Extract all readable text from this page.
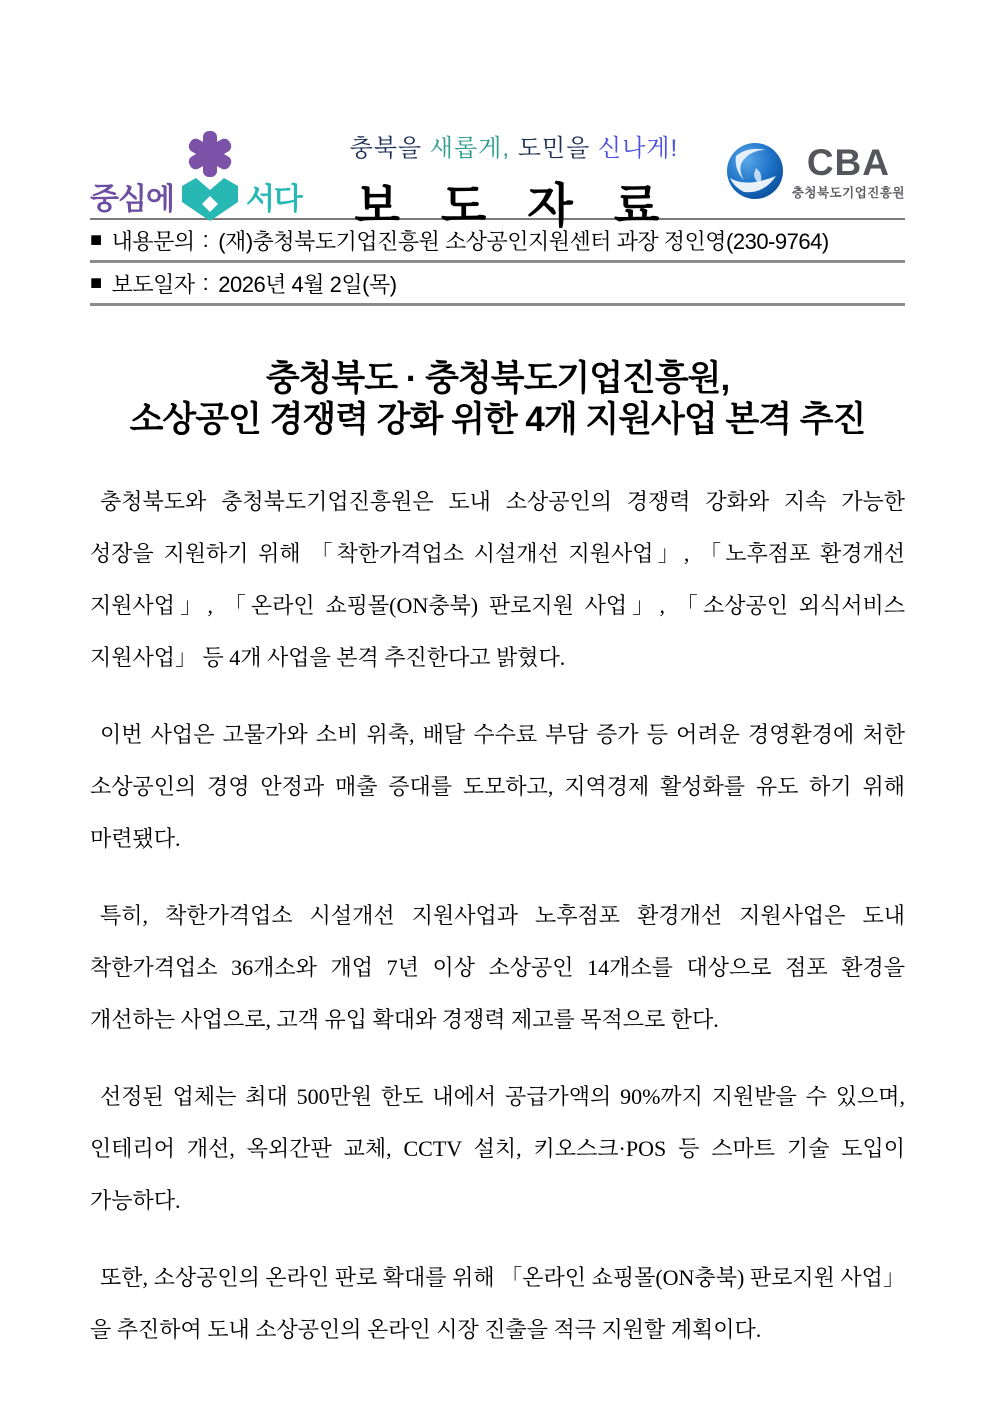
중심에 서다
충북을 새롭게, 도민을 신나게!
보 도 자 료
CBA
충청북도기업진흥원
■ 내용문의 : (재)충청북도기업진흥원 소상공인지원센터 과장 정인영(230-9764)
■ 보도일자 : 2026년 4월 2일(목)
충청북도 · 충청북도기업진흥원,
소상공인 경쟁력 강화 위한 4개 지원사업 본격 추진

충청북도와 충청북도기업진흥원은 도내 소상공인의 경쟁력 강화와 지속 가능한 성장을 지원하기 위해 「착한가격업소 시설개선 지원사업」, 「노후점포 환경개선 지원사업」, 「온라인 쇼핑몰(ON충북) 판로지원 사업」, 「소상공인 외식서비스 지원사업」 등 4개 사업을 본격 추진한다고 밝혔다.

이번 사업은 고물가와 소비 위축, 배달 수수료 부담 증가 등 어려운 경영환경에 처한 소상공인의 경영 안정과 매출 증대를 도모하고, 지역경제 활성화를 유도 하기 위해 마련됐다.

특히, 착한가격업소 시설개선 지원사업과 노후점포 환경개선 지원사업은 도내 착한가격업소 36개소와 개업 7년 이상 소상공인 14개소를 대상으로 점포 환경을 개선하는 사업으로, 고객 유입 확대와 경쟁력 제고를 목적으로 한다.

선정된 업체는 최대 500만원 한도 내에서 공급가액의 90%까지 지원받을 수 있으며, 인테리어 개선, 옥외간판 교체, CCTV 설치, 키오스크·POS 등 스마트 기술 도입이 가능하다.

또한, 소상공인의 온라인 판로 확대를 위해 「온라인 쇼핑몰(ON충북) 판로지원 사업」을 추진하여 도내 소상공인의 온라인 시장 진출을 적극 지원할 계획이다.
